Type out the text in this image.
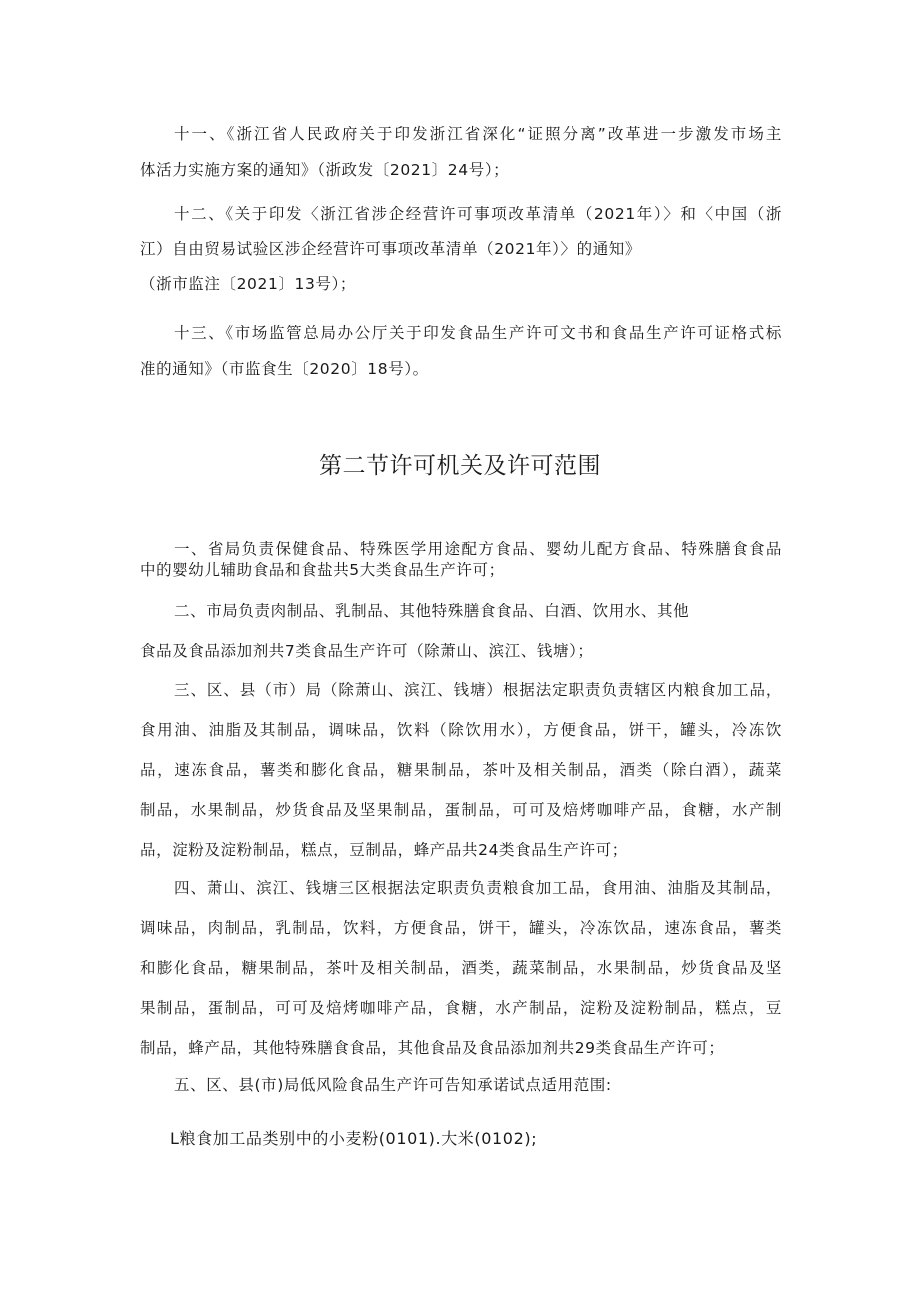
十一、《浙江省人民政府关于印发浙江省深化“证照分离”改革进一步激发市场主
体活力实施方案的通知》（浙政发〔2021〕24号）；
十二、《关于印发〈浙江省涉企经营许可事项改革清单（2021年）〉和〈中国（浙
江）自由贸易试验区涉企经营许可事项改革清单（2021年）〉的通知》
（浙市监注〔2021〕13号）；
十三、《市场监管总局办公厅关于印发食品生产许可文书和食品生产许可证格式标
准的通知》（市监食生〔2020〕18号）。
第二节许可机关及许可范围
一、省局负责保健食品、特殊医学用途配方食品、婴幼儿配方食品、特殊膳食食品
中的婴幼儿辅助食品和食盐共5大类食品生产许可；
二、市局负责肉制品、乳制品、其他特殊膳食食品、白酒、饮用水、其他
食品及食品添加剂共7类食品生产许可（除萧山、滨江、钱塘）；
三、区、县（市）局（除萧山、滨江、钱塘）根据法定职责负责辖区内粮食加工品，
食用油、油脂及其制品，调味品，饮料（除饮用水），方便食品，饼干，罐头，冷冻饮
品，速冻食品，薯类和膨化食品，糖果制品，茶叶及相关制品，酒类（除白酒），蔬菜
制品，水果制品，炒货食品及坚果制品，蛋制品，可可及焙烤咖啡产品，食糖，水产制
品，淀粉及淀粉制品，糕点，豆制品，蜂产品共24类食品生产许可；
四、萧山、滨江、钱塘三区根据法定职责负责粮食加工品，食用油、油脂及其制品，
调味品，肉制品，乳制品，饮料，方便食品，饼干，罐头，冷冻饮品，速冻食品，薯类
和膨化食品，糖果制品，茶叶及相关制品，酒类，蔬菜制品，水果制品，炒货食品及坚
果制品，蛋制品，可可及焙烤咖啡产品，食糖，水产制品，淀粉及淀粉制品，糕点，豆
制品，蜂产品，其他特殊膳食食品，其他食品及食品添加剂共29类食品生产许可；
五、区、县(市)局低风险食品生产许可告知承诺试点适用范围:
L粮食加工品类别中的小麦粉(0101).大米(0102);
